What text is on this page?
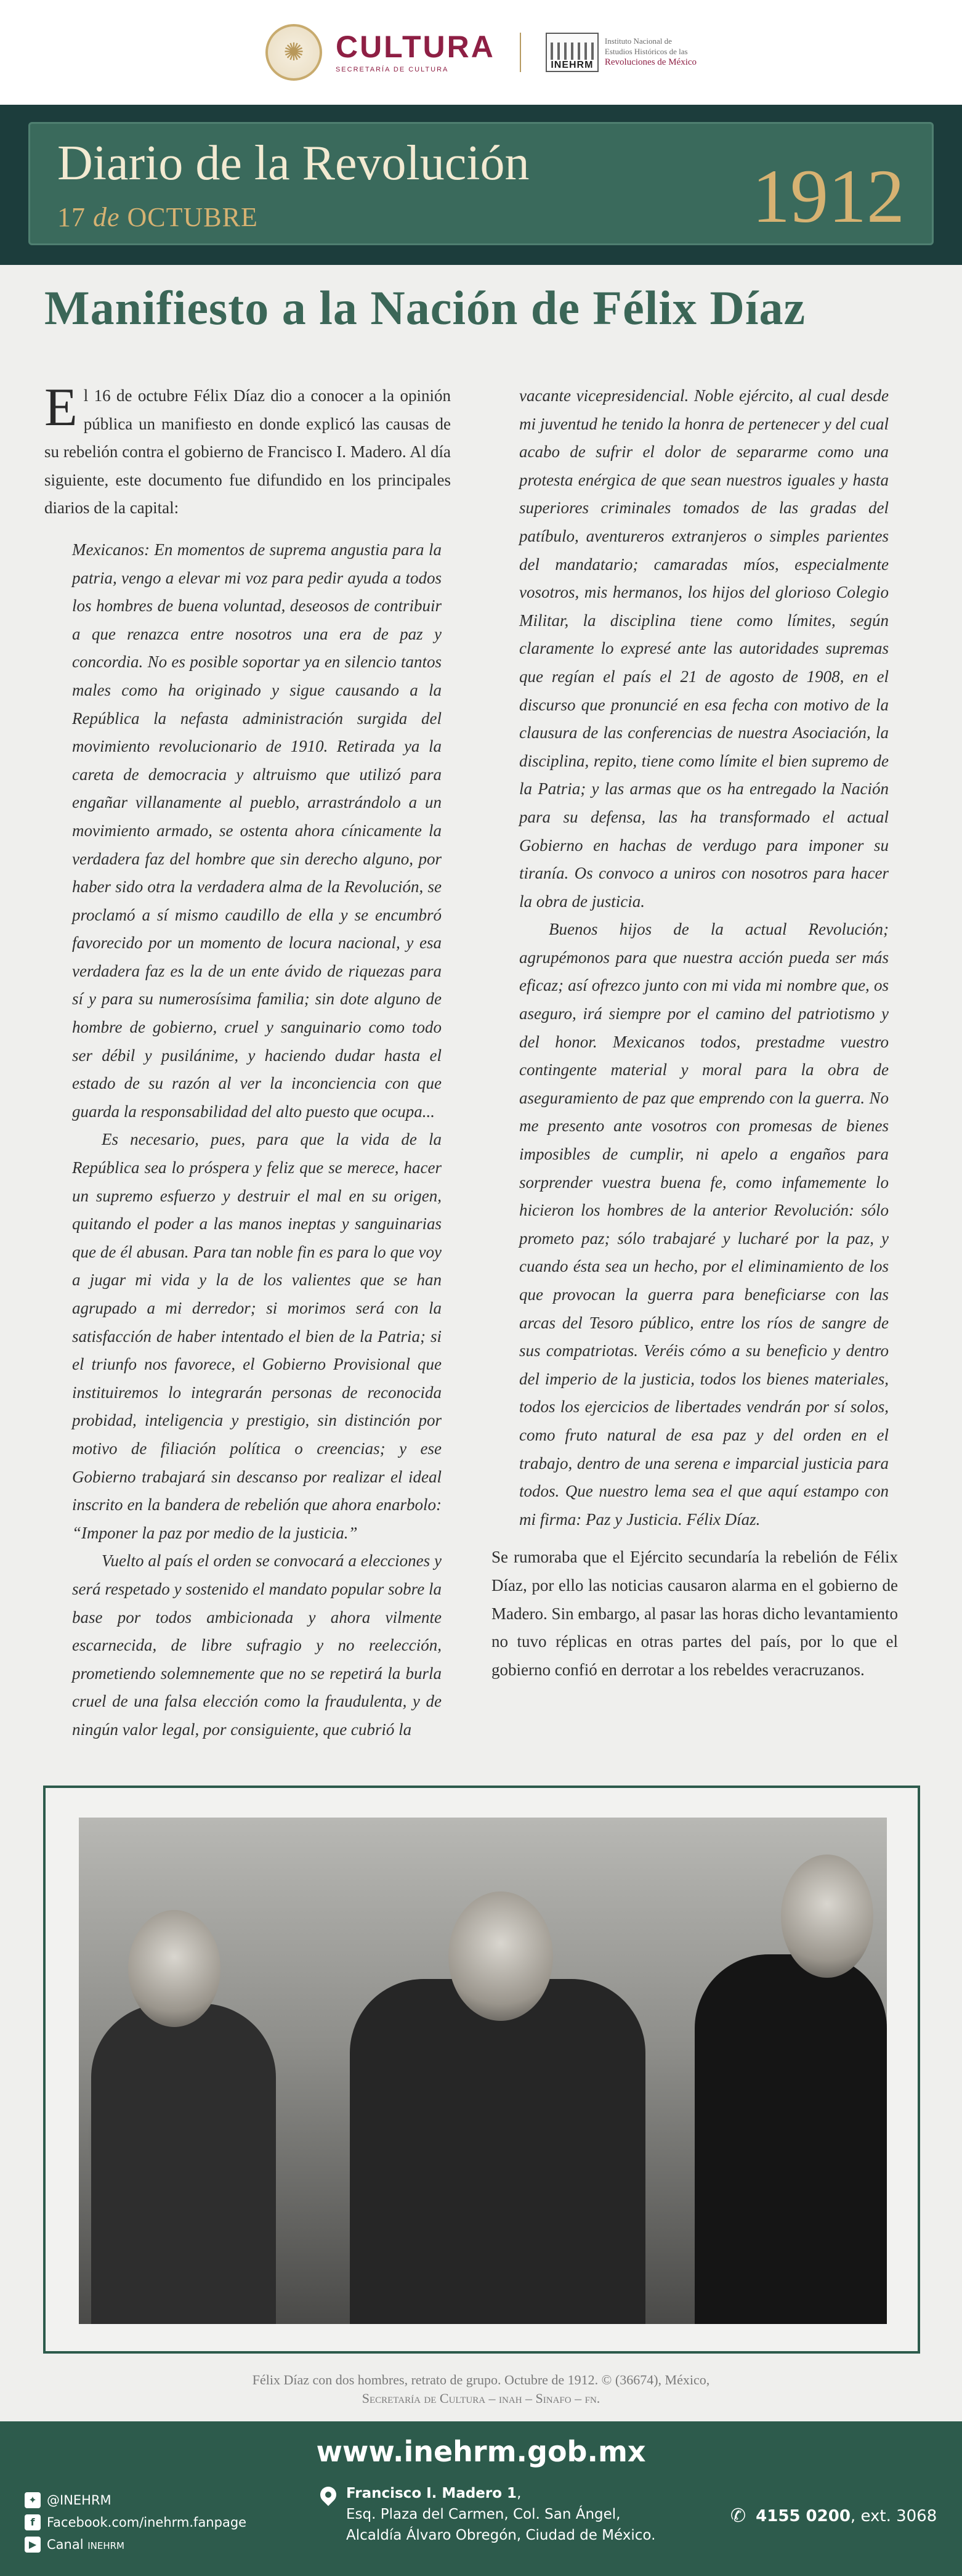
✺	CULTURA
SECRETARÍA DE CULTURA	INEHRM
Instituto Nacional de
Estudios Históricos de las
Revoluciones de México
Diario de la Revolución
17 de OCTUBRE	1912
Manifiesto a la Nación de Félix Díaz

El 16 de octubre Félix Díaz dio a conocer a la opinión pública un manifiesto en donde explicó las causas de su rebelión contra el gobierno de Francisco I. Madero. Al día siguiente, este documento fue difundido en los principales diarios de la capital:

Mexicanos: En momentos de suprema angustia para la patria, vengo a elevar mi voz para pedir ayuda a todos los hombres de buena voluntad, deseosos de contribuir a que renazca entre nosotros una era de paz y concordia. No es posible soportar ya en silencio tantos males como ha originado y sigue causando a la República la nefasta administración surgida del movimiento revolucionario de 1910. Retirada ya la careta de democracia y altruismo que utilizó para engañar villanamente al pueblo, arrastrándolo a un movimiento armado, se ostenta ahora cínicamente la verdadera faz del hombre que sin derecho alguno, por haber sido otra la verdadera alma de la Revolución, se proclamó a sí mismo caudillo de ella y se encumbró favorecido por un momento de locura nacional, y esa verdadera faz es la de un ente ávido de riquezas para sí y para su numerosísima familia; sin dote alguno de hombre de gobierno, cruel y sanguinario como todo ser débil y pusilánime, y haciendo dudar hasta el estado de su razón al ver la inconciencia con que guarda la responsabilidad del alto puesto que ocupa...

Es necesario, pues, para que la vida de la República sea lo próspera y feliz que se merece, hacer un supremo esfuerzo y destruir el mal en su origen, quitando el poder a las manos ineptas y sanguinarias que de él abusan. Para tan noble fin es para lo que voy a jugar mi vida y la de los valientes que se han agrupado a mi derredor; si morimos será con la satisfacción de haber intentado el bien de la Patria; si el triunfo nos favorece, el Gobierno Provisional que instituiremos lo integrarán personas de reconocida probidad, inteligencia y prestigio, sin distinción por motivo de filiación política o creencias; y ese Gobierno trabajará sin descanso por realizar el ideal inscrito en la bandera de rebelión que ahora enarbolo: “Imponer la paz por medio de la justicia.”

Vuelto al país el orden se convocará a elecciones y será respetado y sostenido el mandato popular sobre la base por todos ambicionada y ahora vilmente escarnecida, de libre sufragio y no reelección, prometiendo solemnemente que no se repetirá la burla cruel de una falsa elección como la fraudulenta, y de ningún valor legal, por consiguiente, que cubrió la

vacante vicepresidencial. Noble ejército, al cual desde mi juventud he tenido la honra de pertenecer y del cual acabo de sufrir el dolor de separarme como una protesta enérgica de que sean nuestros iguales y hasta superiores criminales tomados de las gradas del patíbulo, aventureros extranjeros o simples parientes del mandatario; camaradas míos, especialmente vosotros, mis hermanos, los hijos del glorioso Colegio Militar, la disciplina tiene como límites, según claramente lo expresé ante las autoridades supremas que regían el país el 21 de agosto de 1908, en el discurso que pronuncié en esa fecha con motivo de la clausura de las conferencias de nuestra Asociación, la disciplina, repito, tiene como límite el bien supremo de la Patria; y las armas que os ha entregado la Nación para su defensa, las ha transformado el actual Gobierno en hachas de verdugo para imponer su tiranía. Os convoco a uniros con nosotros para hacer la obra de justicia.

Buenos hijos de la actual Revolución; agrupémonos para que nuestra acción pueda ser más eficaz; así ofrezco junto con mi vida mi nombre que, os aseguro, irá siempre por el camino del patriotismo y del honor. Mexicanos todos, prestadme vuestro contingente material y moral para la obra de aseguramiento de paz que emprendo con la guerra. No me presento ante vosotros con promesas de bienes imposibles de cumplir, ni apelo a engaños para sorprender vuestra buena fe, como infamemente lo hicieron los hombres de la anterior Revolución: sólo prometo paz; sólo trabajaré y lucharé por la paz, y cuando ésta sea un hecho, por el eliminamiento de los que provocan la guerra para beneficiarse con las arcas del Tesoro público, entre los ríos de sangre de sus compatriotas. Veréis cómo a su beneficio y dentro del imperio de la justicia, todos los bienes materiales, todos los ejercicios de libertades vendrán por sí solos, como fruto natural de esa paz y del orden en el trabajo, dentro de una serena e imparcial justicia para todos. Que nuestro lema sea el que aquí estampo con mi firma: Paz y Justicia. Félix Díaz.

Se rumoraba que el Ejército secundaría la rebelión de Félix Díaz, por ello las noticias causaron alarma en el gobierno de Madero. Sin embargo, al pasar las horas dicho levantamiento no tuvo réplicas en otras partes del país, por lo que el gobierno confió en derrotar a los rebeldes veracruzanos.

Félix Díaz con dos hombres, retrato de grupo. Octubre de 1912. © (36674), México,
Secretaría de Cultura – inah – Sinafo – fn.
www.inehrm.gob.mx
✦ @INEHRM
f Facebook.com/inehrm.fanpage
▶ Canal
inehrm
Francisco I. Madero 1,
Esq. Plaza del Carmen, Col. San Ángel,
Alcaldía Álvaro Obregón, Ciudad de México.
✆ 4155 0200 , ext. 3068
